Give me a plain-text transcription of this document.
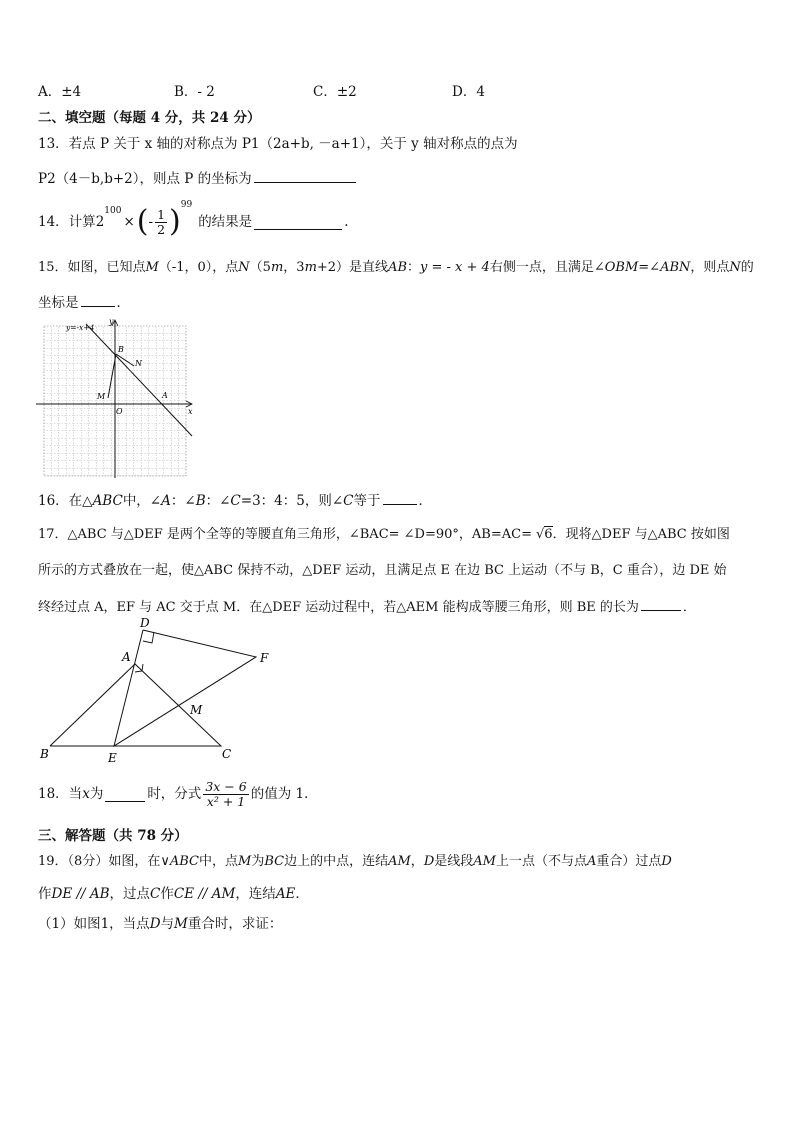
A．±4	B．- 2	C．±2	D．4
二、填空题（每题 4 分，共 24 分）
13．若点 P 关于 x 轴的对称点为 P1（2a+b, －a+1），关于 y 轴对称点的点为
P2（4－b,b+2），则点 P 的坐标为
14．计算 2
100
× ( - $\frac{1}{2}$ ) 99
的结果是	.
15．如图，已知点M（-1，0），点N（5m，3m+2）是直线AB：y = - x + 4右侧一点，且满足∠OBM=∠ABN，则点N的
坐标是	．
y=-x+4
y
x
B
N
M
O
A
16．在△ABC中，∠A：∠B：∠C=3：4：5，则∠C等于	．
17．△ABC 与△DEF 是两个全等的等腰直角三角形，∠BAC= ∠D=90°，AB=AC= √6．现将△DEF 与△ABC 按如图
所示的方式叠放在一起，使△ABC 保持不动，△DEF 运动，且满足点 E 在边 BC 上运动（不与 B，C 重合），边 DE 始
终经过点 A，EF 与 AC 交于点 M．在△DEF 运动过程中，若△AEM 能构成等腰三角形，则 BE 的长为	．
D
A	F
M
B	E	C
18．当 x 为	时，分式 $\frac{3x - 6}{\text{x² + 1}}$ 的值为 1．
三、解答题（共 78 分）
19．（8分）如图，在∨ABC中，点M为BC边上的中点，连结AM，D是线段AM上一点（不与点A重合）过点D
作DE // AB，过点C作CE // AM，连结AE．
（1）如图1，当点D与M重合时，求证：
